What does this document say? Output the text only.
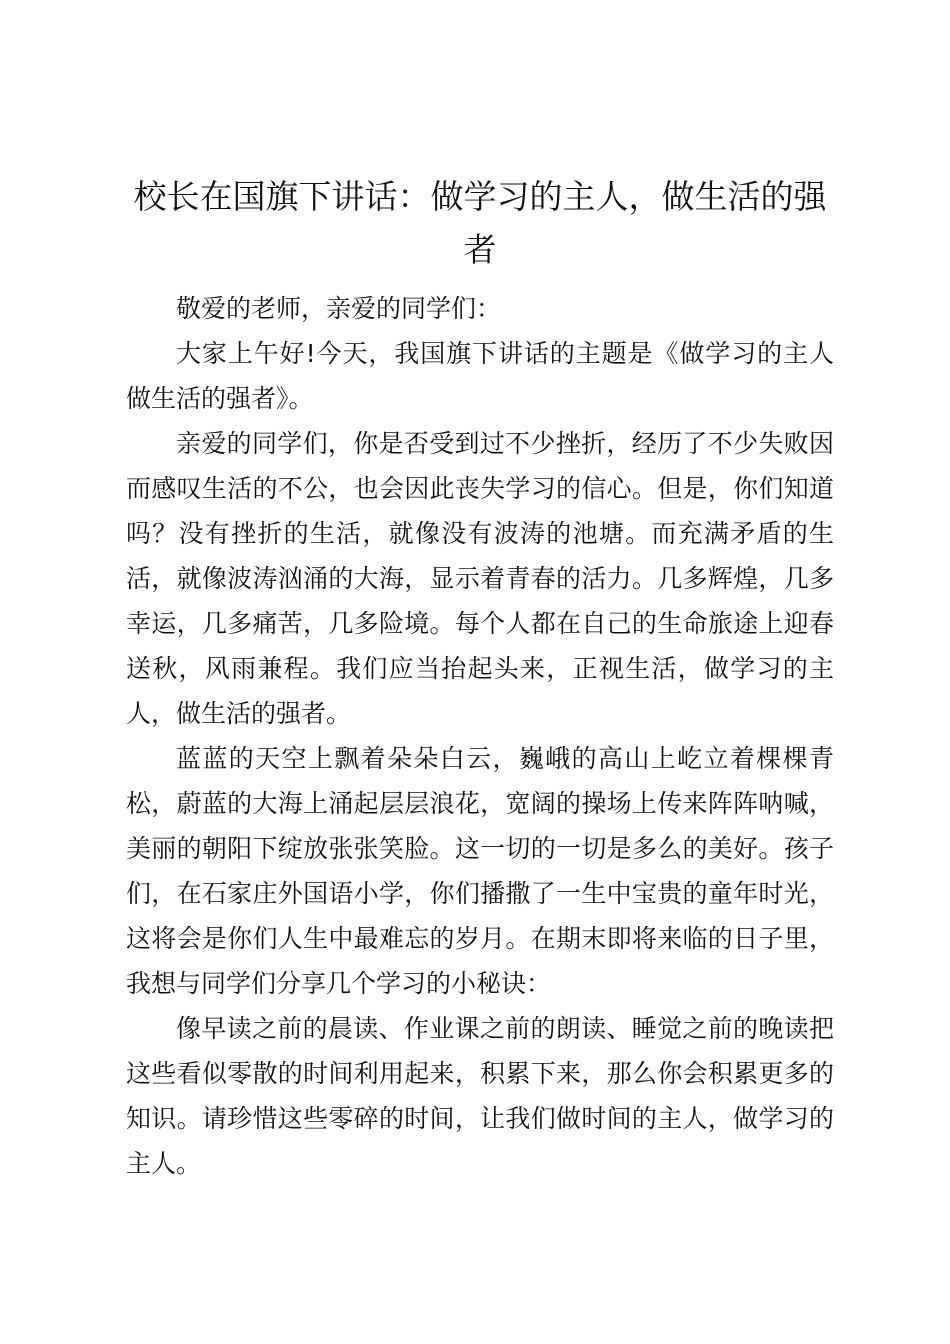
校长在国旗下讲话：做学习的主人，做生活的强者

敬爱的老师，亲爱的同学们：

大家上午好!今天，我国旗下讲话的主题是《做学习的主人做生活的强者》。

亲爱的同学们，你是否受到过不少挫折，经历了不少失败因而感叹生活的不公，也会因此丧失学习的信心。但是，你们知道吗？没有挫折的生活，就像没有波涛的池塘。而充满矛盾的生活，就像波涛汹涌的大海，显示着青春的活力。几多辉煌，几多幸运，几多痛苦，几多险境。每个人都在自己的生命旅途上迎春送秋，风雨兼程。我们应当抬起头来，正视生活，做学习的主人，做生活的强者。

蓝蓝的天空上飘着朵朵白云，巍峨的高山上屹立着棵棵青松，蔚蓝的大海上涌起层层浪花，宽阔的操场上传来阵阵呐喊，美丽的朝阳下绽放张张笑脸。这一切的一切是多么的美好。孩子们，在石家庄外国语小学，你们播撒了一生中宝贵的童年时光，这将会是你们人生中最难忘的岁月。在期末即将来临的日子里，我想与同学们分享几个学习的小秘诀：

像早读之前的晨读、作业课之前的朗读、睡觉之前的晚读把这些看似零散的时间利用起来，积累下来，那么你会积累更多的知识。请珍惜这些零碎的时间，让我们做时间的主人，做学习的主人。
